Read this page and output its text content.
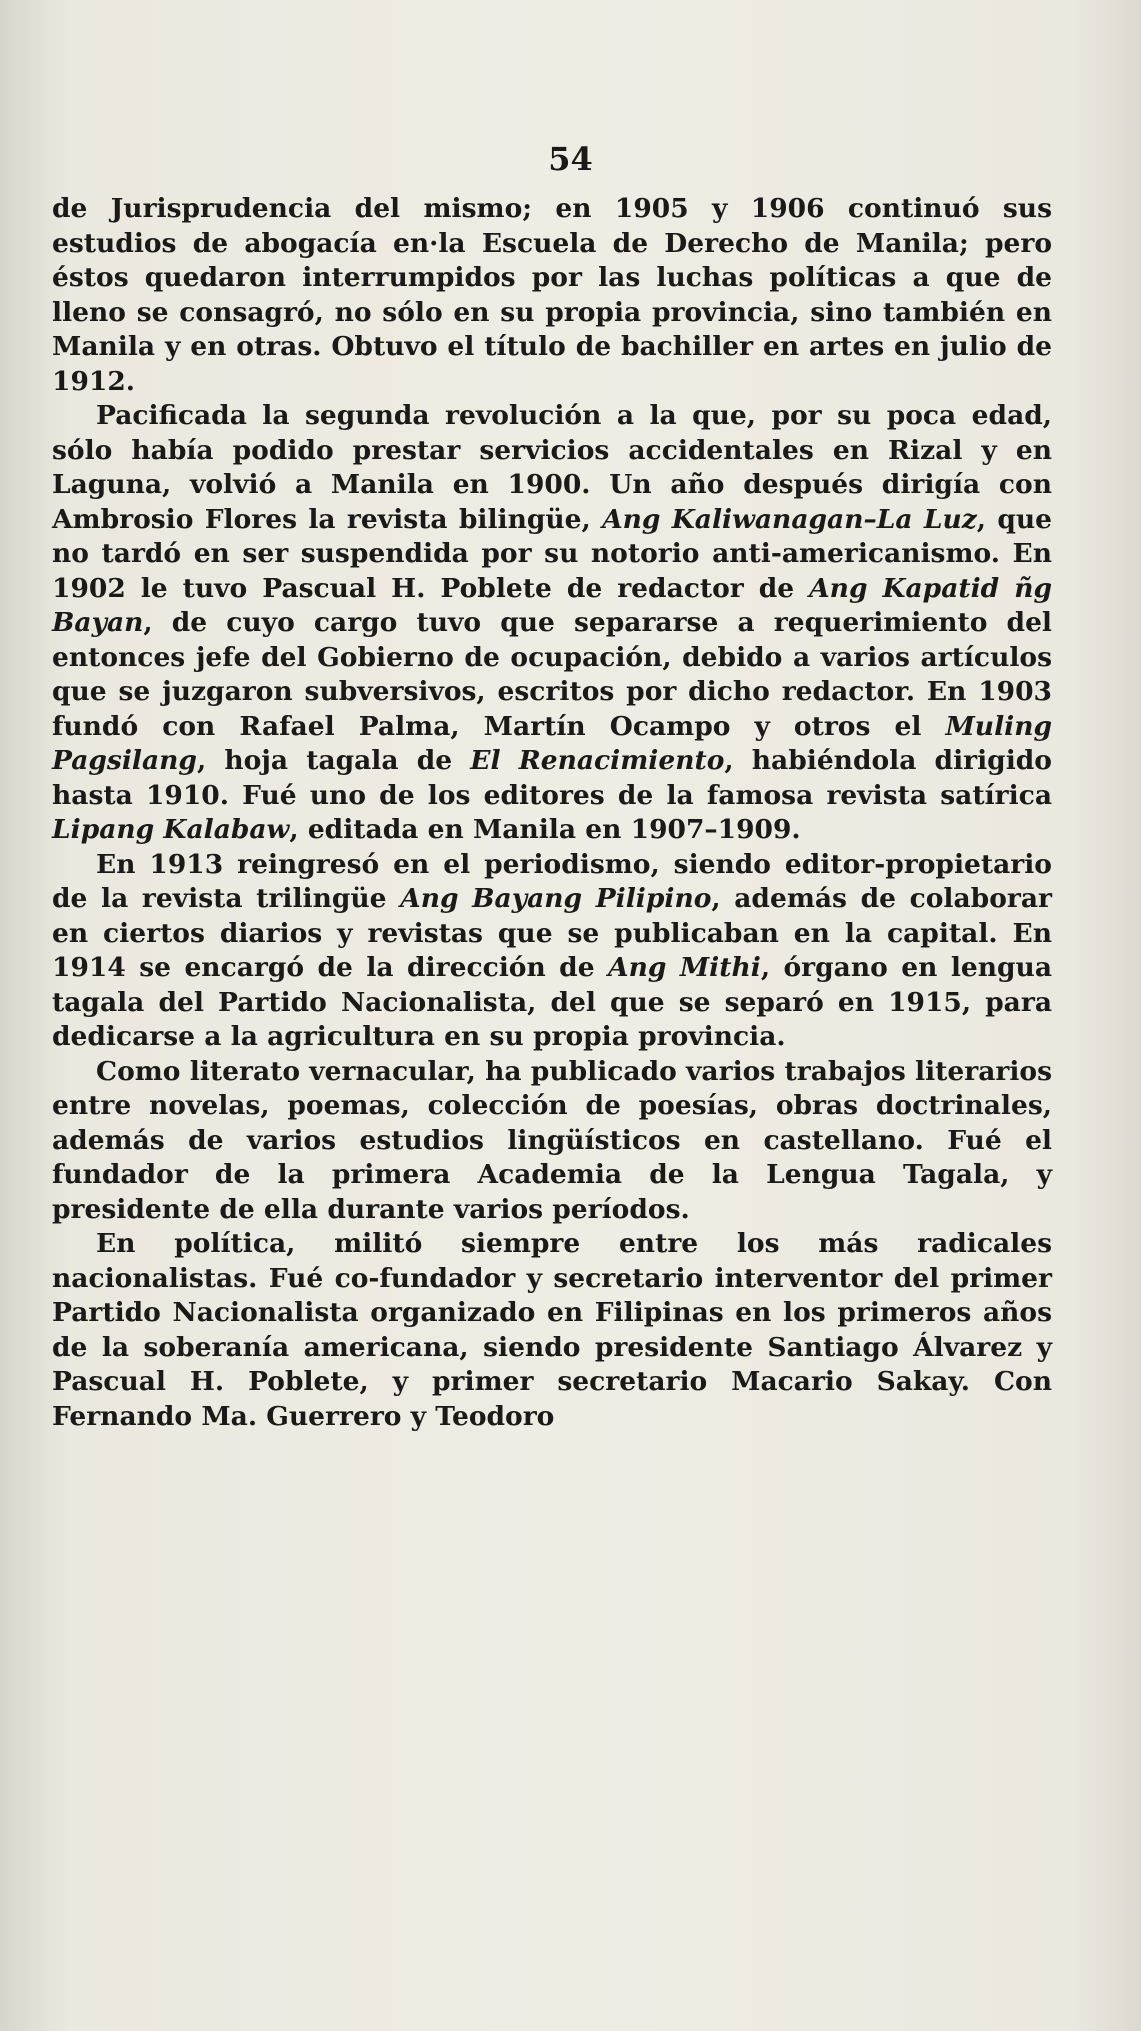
54

de Jurisprudencia del mismo; en 1905 y 1906 continuó sus estudios de abogacía en·la Escuela de Derecho de Manila; pero éstos quedaron interrumpidos por las luchas políticas a que de lleno se consagró, no sólo en su propia provincia, sino también en Manila y en otras. Obtuvo el título de bachiller en artes en julio de 1912.

Pacificada la segunda revolución a la que, por su poca edad, sólo había podido prestar servicios accidentales en Rizal y en Laguna, volvió a Manila en 1900. Un año después dirigía con Ambrosio Flores la revista bilingüe, Ang Kaliwanagan–La Luz, que no tardó en ser suspendida por su notorio anti-americanismo. En 1902 le tuvo Pascual H. Poblete de redactor de Ang Kapatid ñg Bayan, de cuyo cargo tuvo que separarse a requerimiento del entonces jefe del Gobierno de ocupación, debido a varios artículos que se juzgaron subversivos, escritos por dicho redactor. En 1903 fundó con Rafael Palma, Martín Ocampo y otros el Muling Pagsilang, hoja tagala de El Renacimiento, habiéndola dirigido hasta 1910. Fué uno de los editores de la famosa revista satírica Lipang Kalabaw, editada en Manila en 1907–1909.

En 1913 reingresó en el periodismo, siendo editor-propietario de la revista trilingüe Ang Bayang Pilipino, además de colaborar en ciertos diarios y revistas que se publicaban en la capital. En 1914 se encargó de la dirección de Ang Mithi, órgano en lengua tagala del Partido Nacionalista, del que se separó en 1915, para dedicarse a la agricultura en su propia provincia.

Como literato vernacular, ha publicado varios trabajos literarios entre novelas, poemas, colección de poesías, obras doctrinales, además de varios estudios lingüísticos en castellano. Fué el fundador de la primera Academia de la Lengua Tagala, y presidente de ella durante varios períodos.

En política, militó siempre entre los más radicales nacionalistas. Fué co-fundador y secretario interventor del primer Partido Nacionalista organizado en Filipinas en los primeros años de la soberanía americana, siendo presidente Santiago Álvarez y Pascual H. Poblete, y primer secretario Macario Sakay. Con Fernando Ma. Guerrero y Teodoro
